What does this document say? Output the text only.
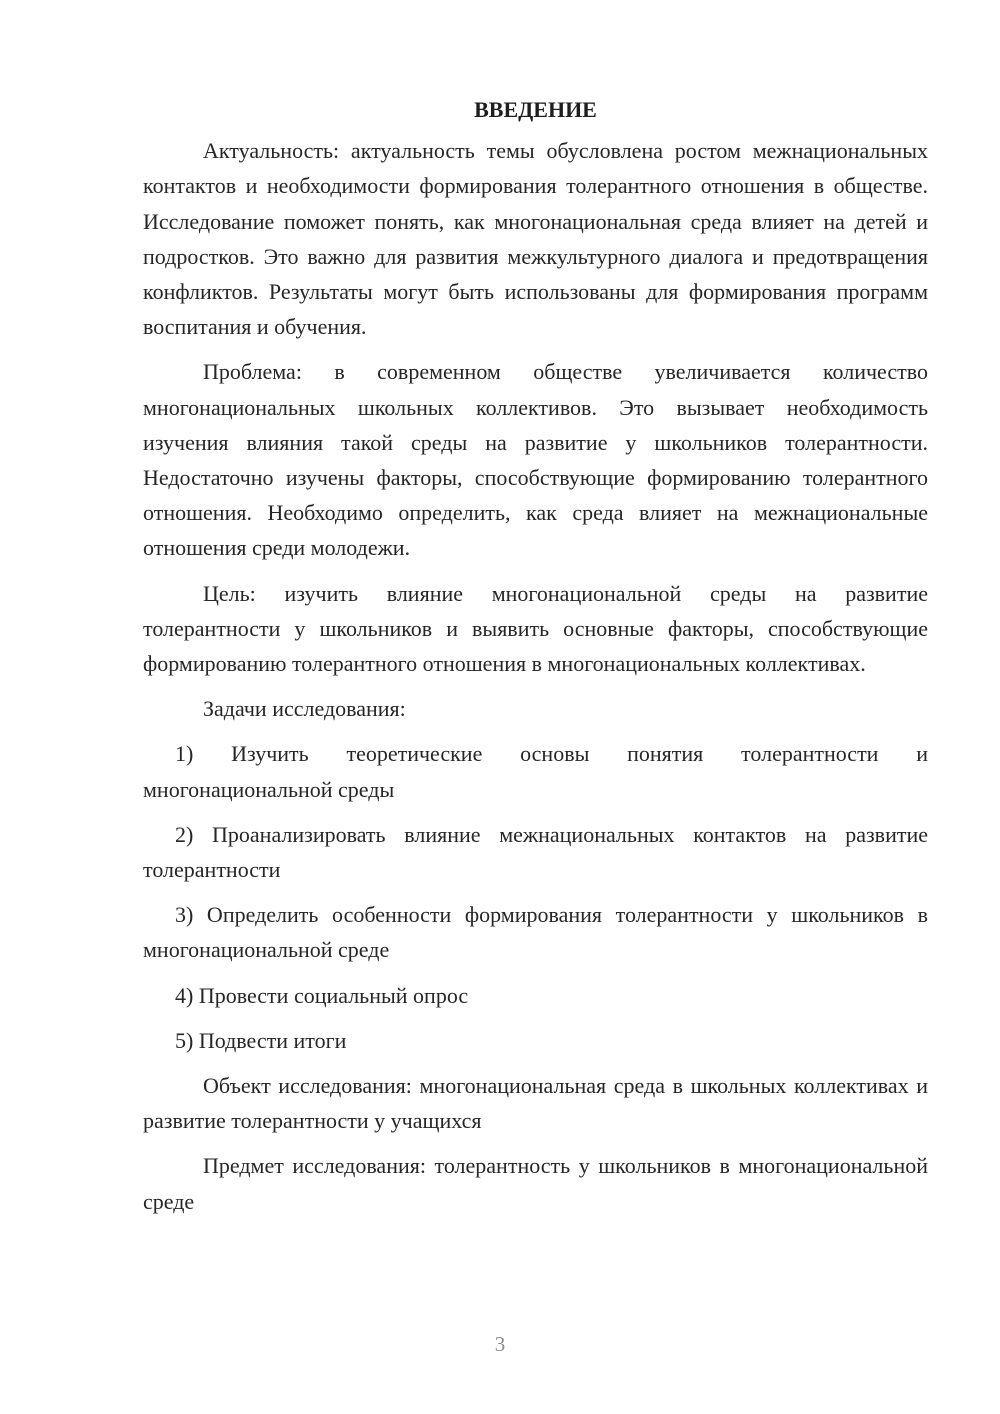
ВВЕДЕНИЕ

Актуальность: актуальность темы обусловлена ростом межнациональных контактов и необходимости формирования толерантного отношения в обществе. Исследование поможет понять, как многонациональная среда влияет на детей и подростков. Это важно для развития межкультурного диалога и предотвращения конфликтов. Результаты могут быть использованы для формирования программ воспитания и обучения.

Проблема: в современном обществе увеличивается количество многонациональных школьных коллективов. Это вызывает необходимость изучения влияния такой среды на развитие у школьников толерантности. Недостаточно изучены факторы, способствующие формированию толерантного отношения. Необходимо определить, как среда влияет на межнациональные отношения среди молодежи.

Цель: изучить влияние многонациональной среды на развитие толерантности у школьников и выявить основные факторы, способствующие формированию толерантного отношения в многонациональных коллективах.

Задачи исследования:

1) Изучить теоретические основы понятия толерантности и многонациональной среды

2) Проанализировать влияние межнациональных контактов на развитие толерантности

3) Определить особенности формирования толерантности у школьников в многонациональной среде

4) Провести социальный опрос

5) Подвести итоги

Объект исследования: многонациональная среда в школьных коллективах и развитие толерантности у учащихся

Предмет исследования: толерантность у школьников в многонациональной среде

3
